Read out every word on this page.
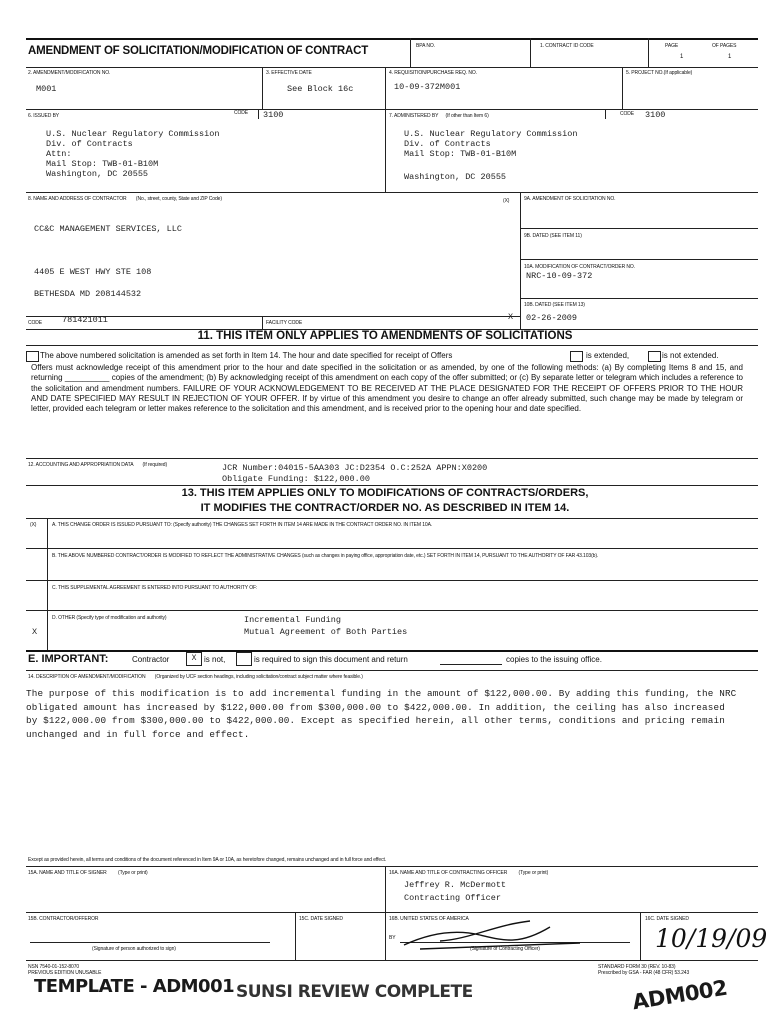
AMENDMENT OF SOLICITATION/MODIFICATION OF CONTRACT	BPA NO.	1. CONTRACT ID CODE	PAGE	OF PAGES
1	1
2. AMENDMENT/MODIFICATION NO.
M001
3. EFFECTIVE DATE
See Block 16c
4. REQUISITION/PURCHASE REQ. NO.
10-09-372M001
5. PROJECT NO.(If applicable)
6. ISSUED BY	CODE 3100
U.S. Nuclear Regulatory Commission
Div. of Contracts
Attn:
Mail Stop: TWB-01-B10M
Washington, DC 20555
7. ADMINISTERED BY (If other than Item 6)	CODE 3100
U.S. Nuclear Regulatory Commission
Div. of Contracts
Mail Stop: TWB-01-B10M
Washington, DC 20555
8. NAME AND ADDRESS OF CONTRACTOR (No., street, county, State and ZIP Code)
CC&C MANAGEMENT SERVICES, LLC
4405 E WEST HWY STE 108
BETHESDA MD 208144532
CODE 781421011	FACILITY CODE
(X)	9A. AMENDMENT OF SOLICITATION NO.
9B. DATED (SEE ITEM 11)
10A. MODIFICATION OF CONTRACT/ORDER NO.
NRC-10-09-372
10B. DATED (SEE ITEM 13)
02-26-2009
X
11. THIS ITEM ONLY APPLIES TO AMENDMENTS OF SOLICITATIONS
The above numbered solicitation is amended as set forth in Item 14. The hour and date specified for receipt of Offers	is extended,	is not extended.
Offers must acknowledge receipt of this amendment prior to the hour and date specified in the solicitation or as amended, by one of the following methods: (a) By completing Items 8 and 15, and returning __________ copies of the amendment; (b) By acknowledging receipt of this amendment on each copy of the offer submitted; or (c) By separate letter or telegram which includes a reference to the solicitation and amendment numbers. FAILURE OF YOUR ACKNOWLEDGEMENT TO BE RECEIVED AT THE PLACE DESIGNATED FOR THE RECEIPT OF OFFERS PRIOR TO THE HOUR AND DATE SPECIFIED MAY RESULT IN REJECTION OF YOUR OFFER. If by virtue of this amendment you desire to change an offer already submitted, such change may be made by telegram or letter, provided each telegram or letter makes reference to the solicitation and this amendment, and is received prior to the opening hour and date specified.
12. ACCOUNTING AND APPROPRIATION DATA (If required)	JCR Number:04015-5AA303 JC:D2354 O.C:252A APPN:X0200
Obligate Funding: $122,000.00
13. THIS ITEM APPLIES ONLY TO MODIFICATIONS OF CONTRACTS/ORDERS,
IT MODIFIES THE CONTRACT/ORDER NO. AS DESCRIBED IN ITEM 14.
(X)	A. THIS CHANGE ORDER IS ISSUED PURSUANT TO: (Specify authority) THE CHANGES SET FORTH IN ITEM 14 ARE MADE IN THE CONTRACT ORDER NO. IN ITEM 10A.
B. THE ABOVE NUMBERED CONTRACT/ORDER IS MODIFIED TO REFLECT THE ADMINISTRATIVE CHANGES (such as changes in paying office, appropriation date, etc.) SET FORTH IN ITEM 14, PURSUANT TO THE AUTHORITY OF FAR 43.103(b).
C. THIS SUPPLEMENTAL AGREEMENT IS ENTERED INTO PURSUANT TO AUTHORITY OF:
D. OTHER (Specify type of modification and authority)	Incremental Funding
Mutual Agreement of Both Parties
X
E. IMPORTANT:	Contractor	X is not,	is required to sign this document and return	copies to the issuing office.
14. DESCRIPTION OF AMENDMENT/MODIFICATION (Organized by UCF section headings, including solicitation/contract subject matter where feasible.)
The purpose of this modification is to add incremental funding in the amount of $122,000.00. By adding this funding, the NRC obligated amount has increased by $122,000.00 from $300,000.00 to $422,000.00. In addition, the ceiling has also increased by $122,000.00 from $300,000.00 to $422,000.00. Except as specified herein, all other terms, conditions and pricing remain unchanged and in full force and effect.
Except as provided herein, all terms and conditions of the document referenced in Item 9A or 10A, as heretofore changed, remains unchanged and in full force and effect.
15A. NAME AND TITLE OF SIGNER (Type or print)	16A. NAME AND TITLE OF CONTRACTING OFFICER (Type or print)
Jeffrey R. McDermott
Contracting Officer
15B. CONTRACTOR/OFFEROR
(Signature of person authorized to sign)
15C. DATE SIGNED	16B. UNITED STATES OF AMERICA
BY
(Signature of Contracting Officer)
16C. DATE SIGNED
10/19/09
NSN 7540-01-152-8070
PREVIOUS EDITION UNUSABLE
TEMPLATE - ADM001 SUNSI REVIEW COMPLETE
STANDARD FORM 30 (REV. 10-83)
Prescribed by GSA - FAR (48 CFR) 53.243
ADM002
